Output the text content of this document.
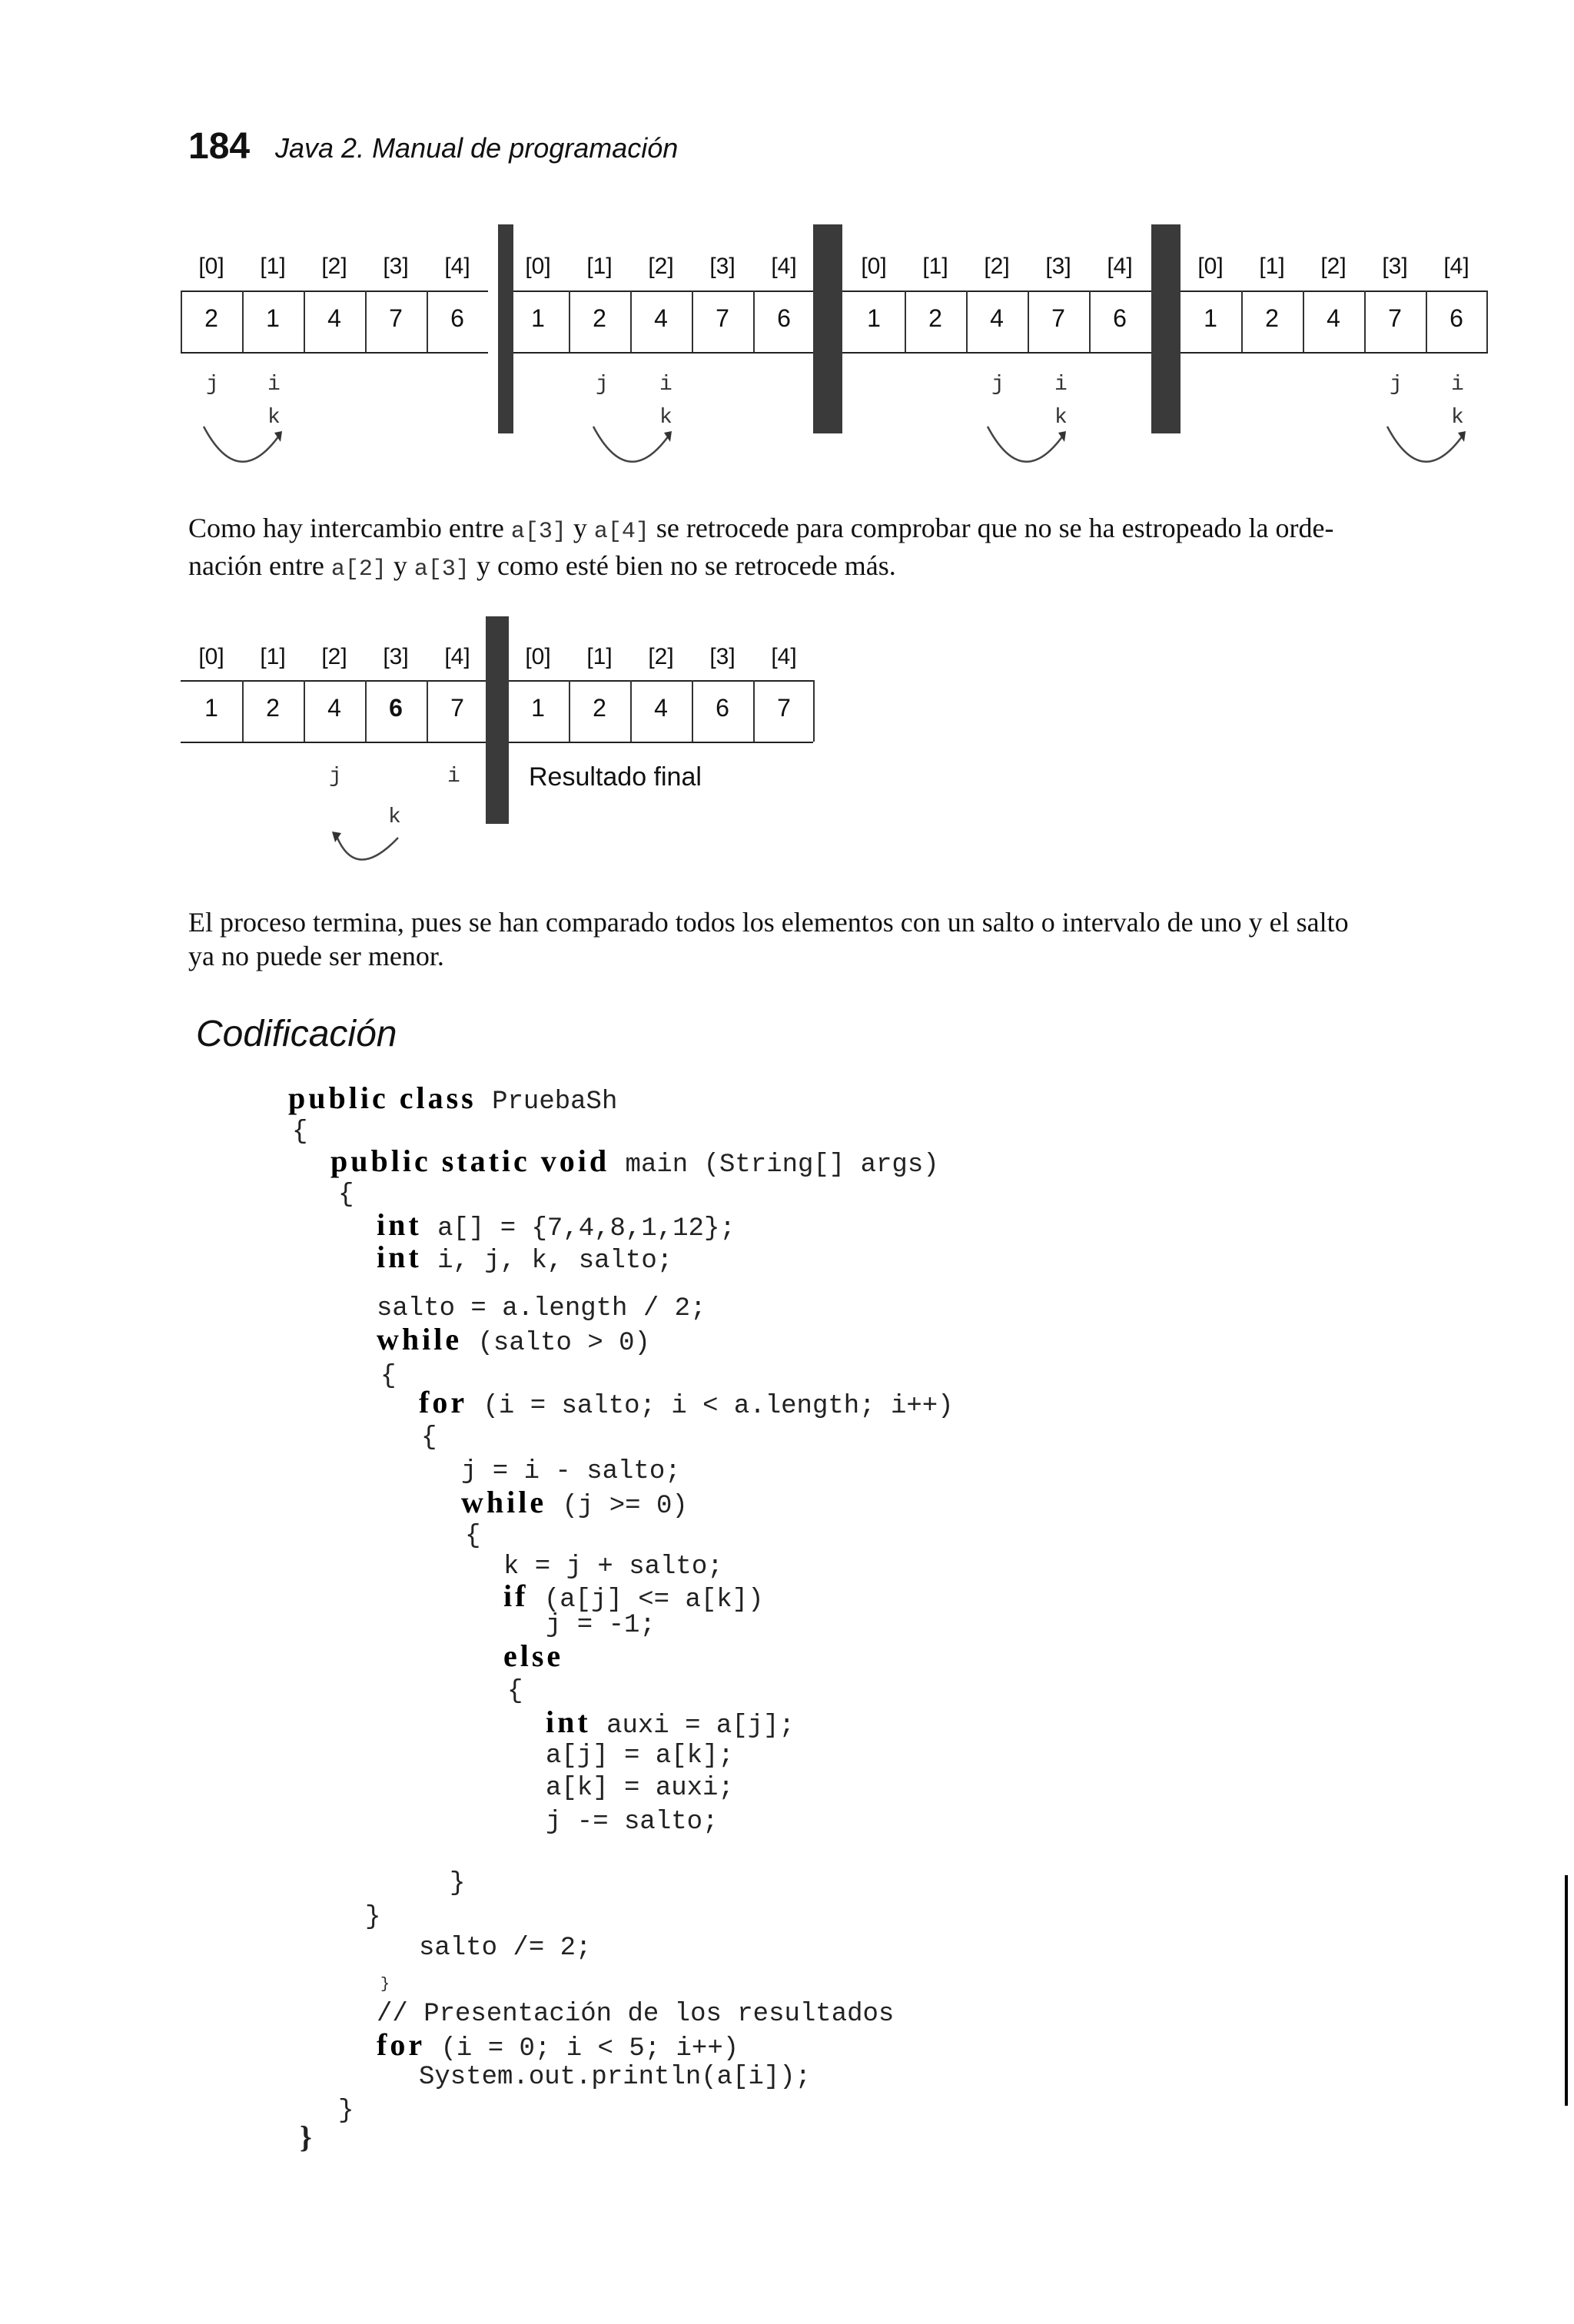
184 Java 2. Manual de programación
[0]	[1]	[2]	[3]	[4]
2	1	4	7	6
j i
k
[0]	[1]	[2]	[3]	[4]
1	2	4	7	6
j i
k
[0]	[1]	[2]	[3]	[4]
1	2	4	7	6
j i
k
[0]	[1]	[2]	[3]	[4]
1	2	4	7	6
j i
k
Como hay intercambio entre a[3] y a[4] se retrocede para comprobar que no se ha estropeado la orde-
nación entre a[2] y a[3] y como esté bien no se retrocede más.
[0]	[1]	[2]	[3]	[4]
1	2	4	6	7
j	i
k
[0]	[1]	[2]	[3]	[4]
1	2	4	6	7
Resultado final
El proceso termina, pues se han comparado todos los elementos con un salto o intervalo de uno y el salto
ya no puede ser menor.
Codificación
public class PruebaSh
{
public static void main (String[] args)
{
int a[] = {7,4,8,1,12};
int i, j, k, salto;
salto = a.length / 2;
while (salto > 0)
{
for (i = salto; i < a.length; i++)
{
j = i - salto;
while (j >= 0)
{
k = j + salto;
if (a[j] <= a[k])
j = -1;
else
{
int auxi = a[j];
a[j] = a[k];
a[k] = auxi;
j -= salto;
}
}
salto /= 2;
}
// Presentación de los resultados
for (i = 0; i < 5; i++)
System.out.println(a[i]);
}
}
